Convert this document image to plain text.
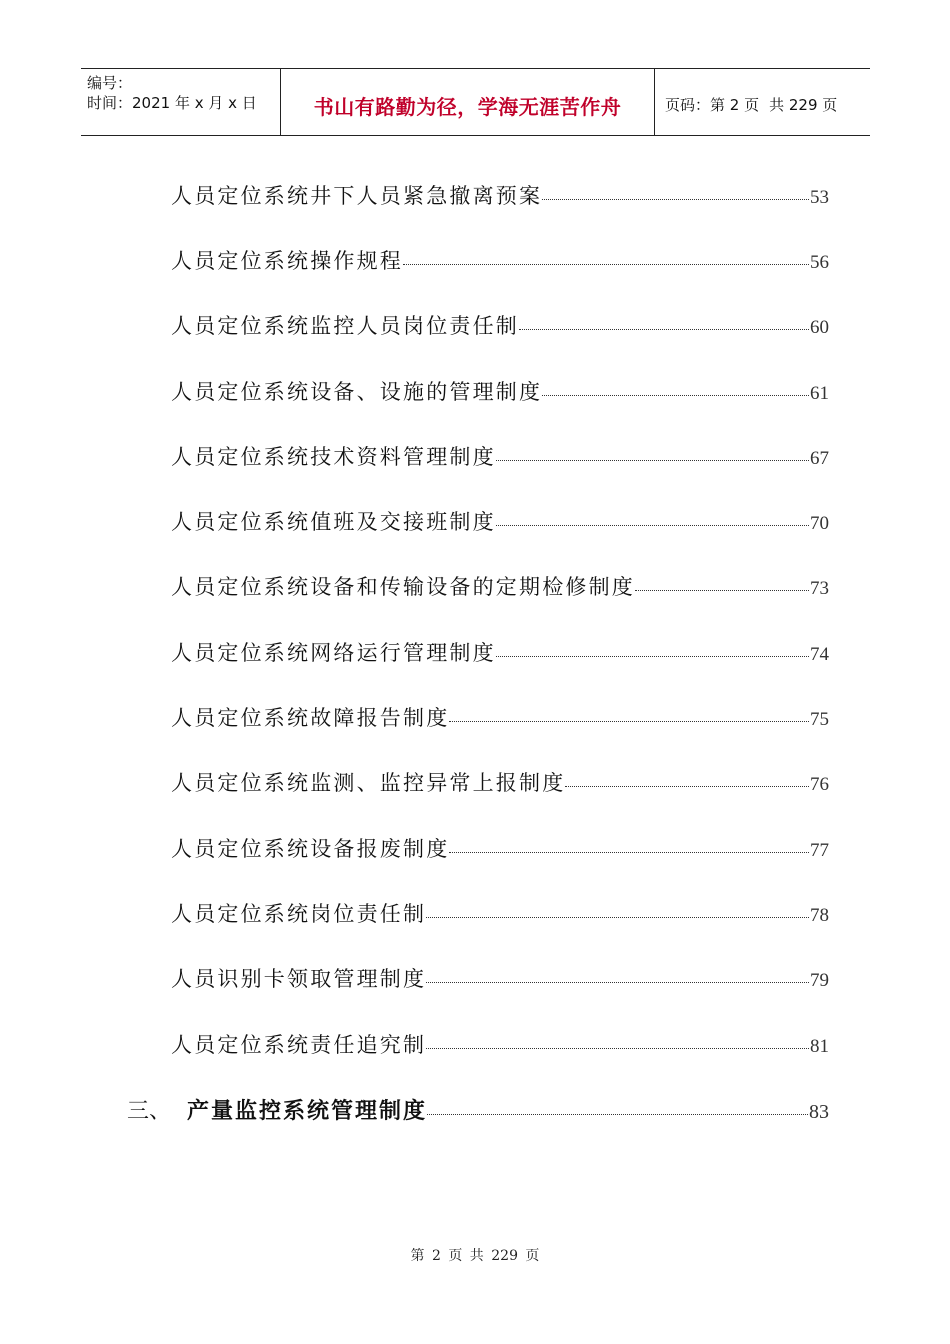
编号：
时间：2021 年 x 月 x 日	书山有路勤为径，学海无涯苦作舟	页码：第 2 页 共 229 页
人员定位系统井下人员紧急撤离预案	53
人员定位系统操作规程	56
人员定位系统监控人员岗位责任制	60
人员定位系统设备、设施的管理制度	61
人员定位系统技术资料管理制度	67
人员定位系统值班及交接班制度	70
人员定位系统设备和传输设备的定期检修制度	73
人员定位系统网络运行管理制度	74
人员定位系统故障报告制度	75
人员定位系统监测、监控异常上报制度	76
人员定位系统设备报废制度	77
人员定位系统岗位责任制	78
人员识别卡领取管理制度	79
人员定位系统责任追究制	81
三、 产量监控系统管理制度	83
第 2 页 共 229 页
